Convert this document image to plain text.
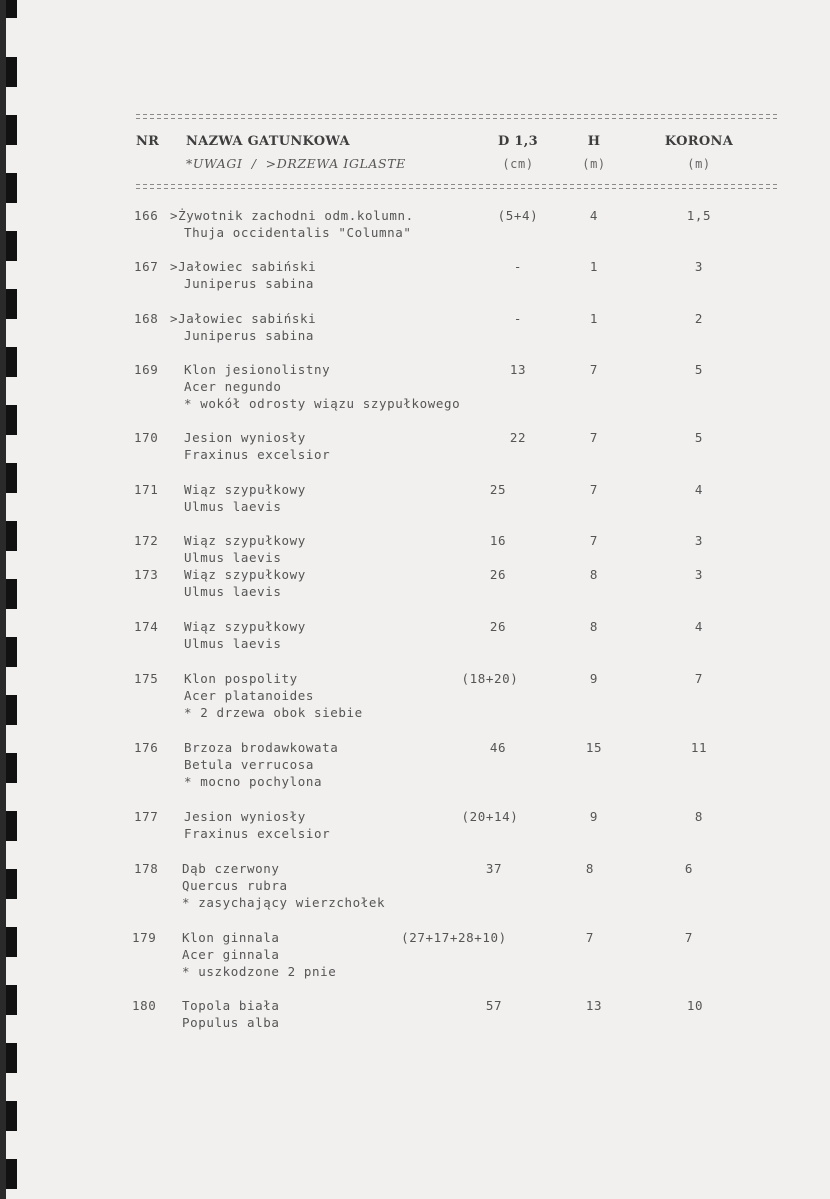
NR NAZWA GATUNKOWA	D 1,3	H	KORONA
*UWAGI  /  >DRZEWA IGLASTE	(cm)	(m)	(m)
166 >Żywotnik zachodni odm.kolumn.
Thuja occidentalis "Columna"
(5+4)	4	1,5
167 >Jałowiec sabiński
Juniperus sabina
-	1	3
168 >Jałowiec sabiński
Juniperus sabina
-	1	2
169 Klon jesionolistny
Acer negundo
* wokół odrosty wiązu szypułkowego
13	7	5
170 Jesion wyniosły
Fraxinus excelsior
22	7	5
171 Wiąz szypułkowy
Ulmus laevis
25	7	4
172 Wiąz szypułkowy
Ulmus laevis
16	7	3
173 Wiąz szypułkowy
Ulmus laevis
26	8	3
174 Wiąz szypułkowy
Ulmus laevis
26	8	4
175 Klon pospolity
Acer platanoides
* 2 drzewa obok siebie
(18+20)	9	7
176 Brzoza brodawkowata
Betula verrucosa
* mocno pochylona
46	15	11
177 Jesion wyniosły
Fraxinus excelsior
(20+14)	9	8
178 Dąb czerwony
Quercus rubra
* zasychający wierzchołek
37	8	6
179 Klon ginnala
Acer ginnala
* uszkodzone 2 pnie
(27+17+28+10)	7	7
180 Topola biała
Populus alba
57	13	10
